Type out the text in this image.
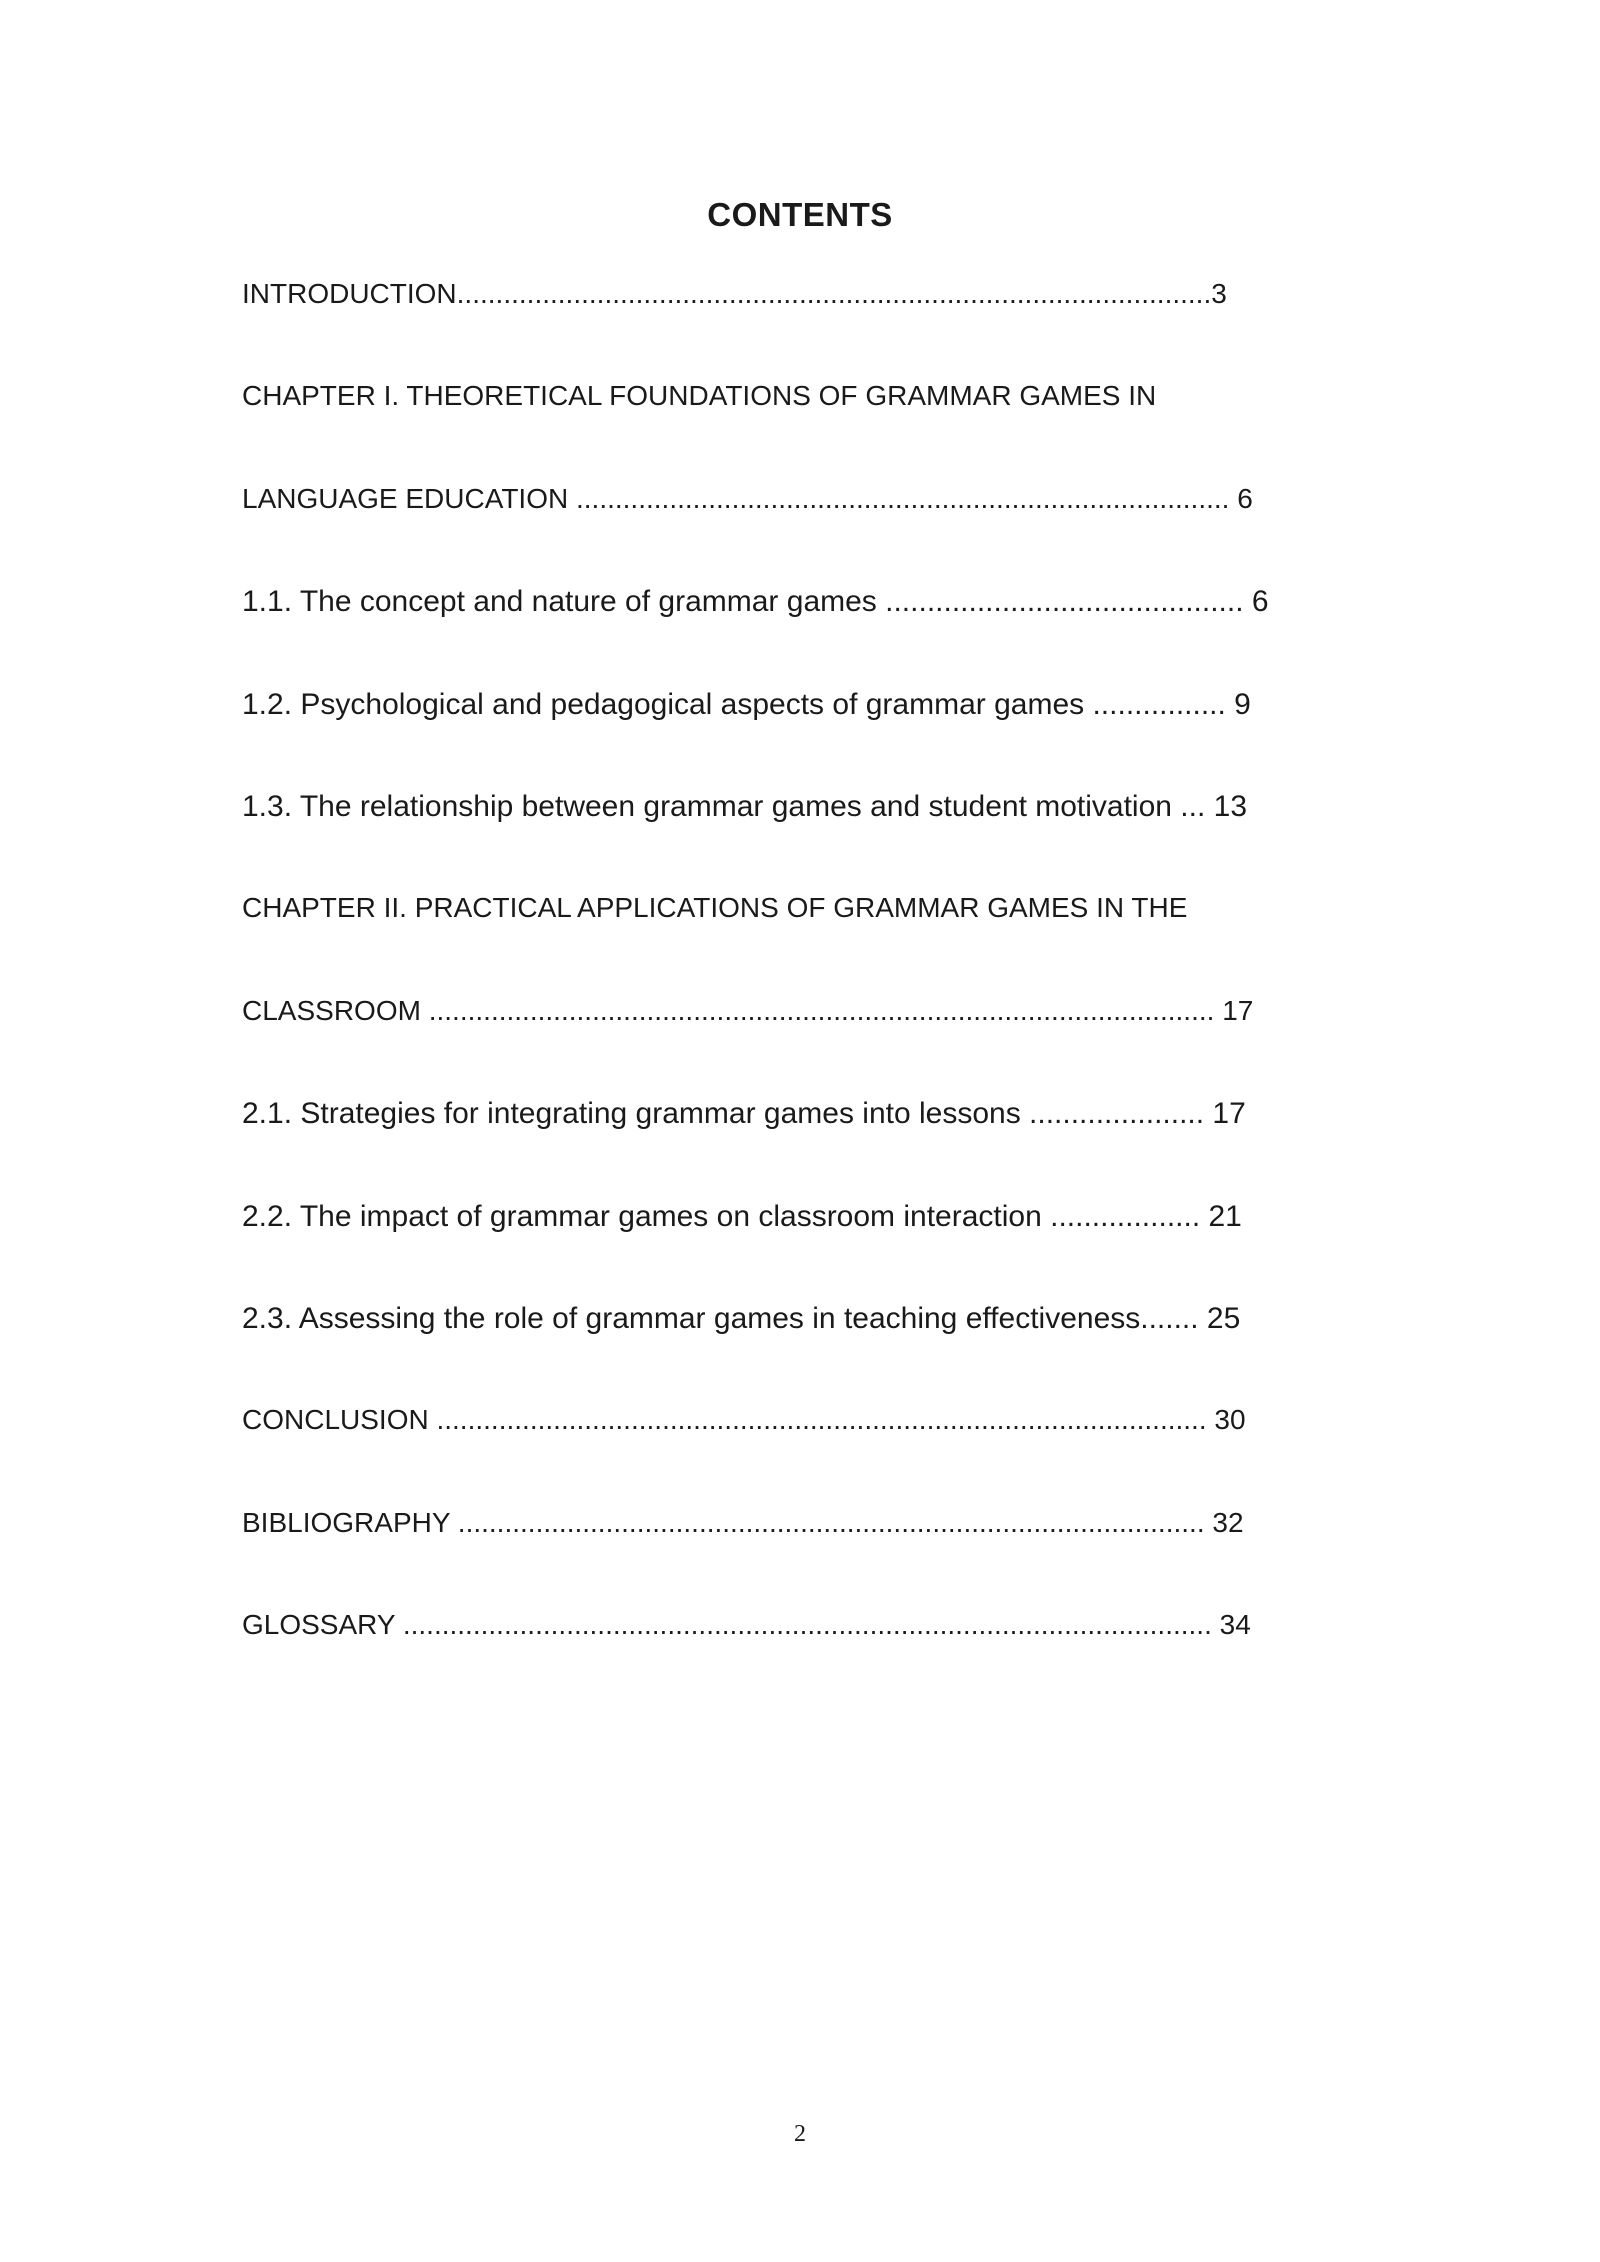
CONTENTS
INTRODUCTION.................................................................................................3
CHAPTER I. THEORETICAL FOUNDATIONS OF GRAMMAR GAMES IN
LANGUAGE EDUCATION .................................................................................... 6
1.1. The concept and nature of grammar games ........................................... 6
1.2. Psychological and pedagogical aspects of grammar games ................ 9
1.3. The relationship between grammar games and student motivation ... 13
CHAPTER II. PRACTICAL APPLICATIONS OF GRAMMAR GAMES IN THE
CLASSROOM ..................................................................................................... 17
2.1. Strategies for integrating grammar games into lessons ..................... 17
2.2. The impact of grammar games on classroom interaction .................. 21
2.3. Assessing the role of grammar games in teaching effectiveness....... 25
CONCLUSION ................................................................................................... 30
BIBLIOGRAPHY ................................................................................................ 32
GLOSSARY ........................................................................................................ 34
2
